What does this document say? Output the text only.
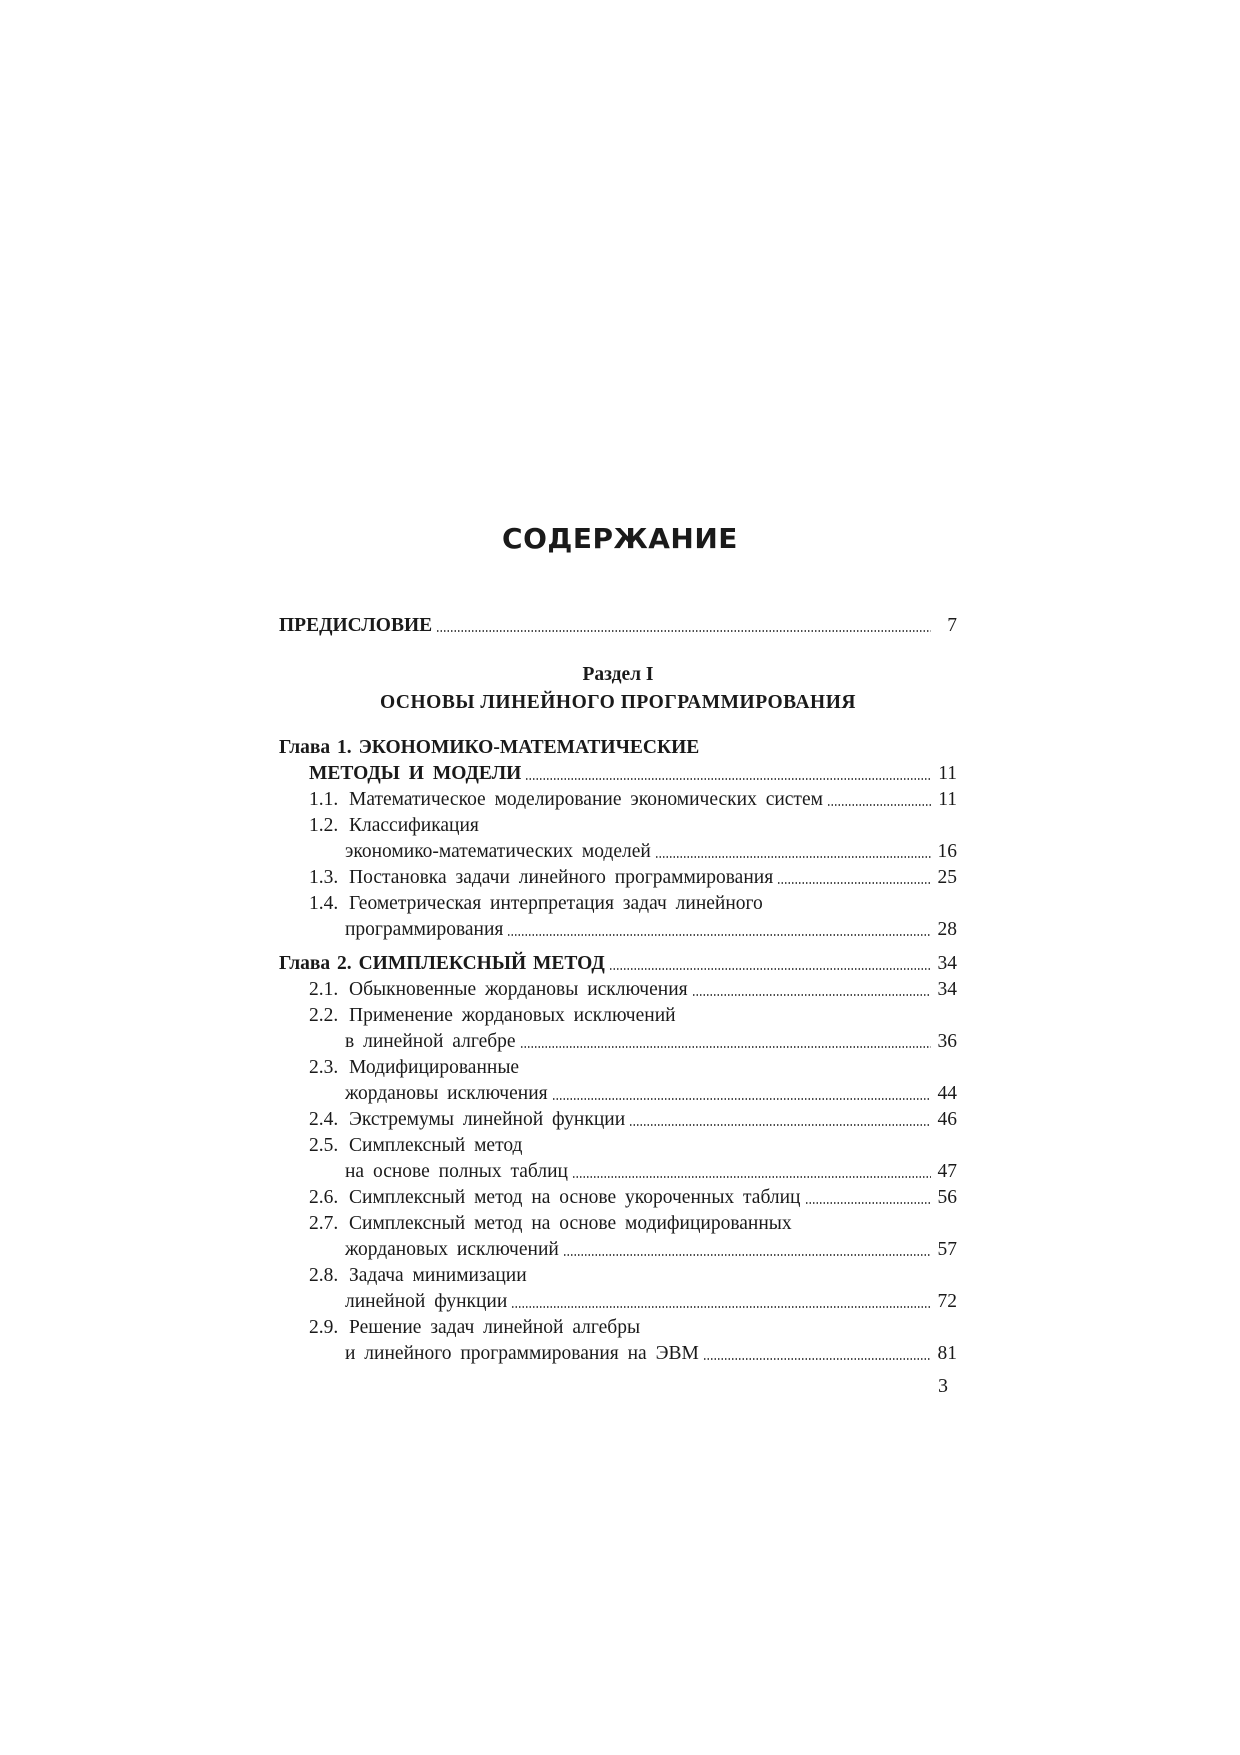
СОДЕРЖАНИЕ
ПРЕДИСЛОВИЕ	7
Раздел I
ОСНОВЫ ЛИНЕЙНОГО ПРОГРАММИРОВАНИЯ
Глава 1. ЭКОНОМИКО-МАТЕМАТИЧЕСКИЕ
МЕТОДЫ И МОДЕЛИ	11
1.1. Математическое моделирование экономических систем	11
1.2. Классификация
экономико-математических моделей	16
1.3. Постановка задачи линейного программирования	25
1.4. Геометрическая интерпретация задач линейного
программирования	28
Глава 2. СИМПЛЕКСНЫЙ МЕТОД	34
2.1. Обыкновенные жордановы исключения	34
2.2. Применение жордановых исключений
в линейной алгебре	36
2.3. Модифицированные
жордановы исключения	44
2.4. Экстремумы линейной функции	46
2.5. Симплексный метод
на основе полных таблиц	47
2.6. Симплексный метод на основе укороченных таблиц	56
2.7. Симплексный метод на основе модифицированных
жордановых исключений	57
2.8. Задача минимизации
линейной функции	72
2.9. Решение задач линейной алгебры
и линейного программирования на ЭВМ	81
3
